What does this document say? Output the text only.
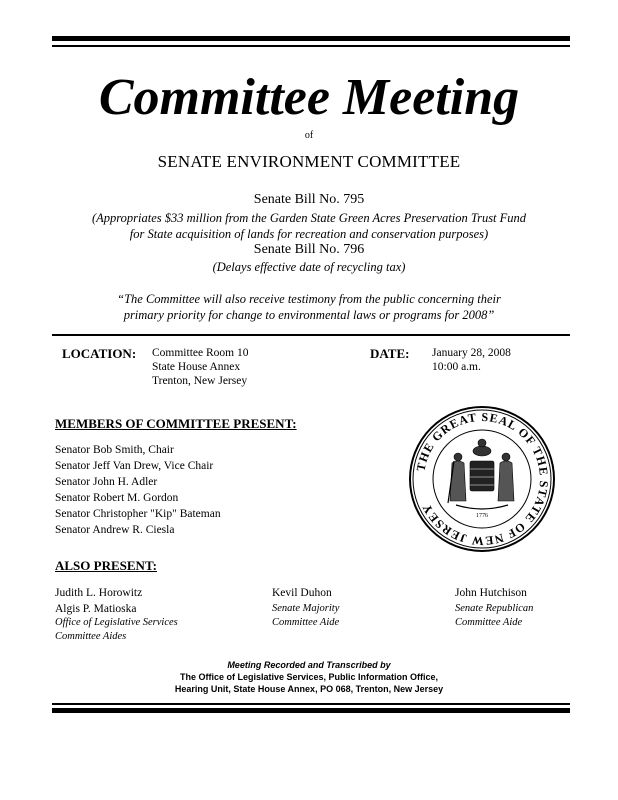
Committee Meeting
of
SENATE ENVIRONMENT COMMITTEE
Senate Bill No. 795
(Appropriates $33 million from the Garden State Green Acres Preservation Trust Fund
for State acquisition of lands for recreation and conservation purposes)
Senate Bill No. 796
(Delays effective date of recycling tax)
“The Committee will also receive testimony from the public concerning their
primary priority for change to environmental laws or programs for 2008”
LOCATION: Committee Room 10
State House Annex
Trenton, New Jersey
DATE: January 28, 2008
10:00 a.m.
MEMBERS OF COMMITTEE PRESENT:
Senator Bob Smith, Chair
Senator Jeff Van Drew, Vice Chair
Senator John H. Adler
Senator Robert M. Gordon
Senator Christopher "Kip" Bateman
Senator Andrew R. Ciesla
THE GREAT SEAL OF THE STATE OF NEW JERSEY	1776
ALSO PRESENT:
Judith L. Horowitz
Algis P. Matioska
Office of Legislative Services
Committee Aides
Kevil Duhon
Senate Majority
Committee Aide
John Hutchison
Senate Republican
Committee Aide
Meeting Recorded and Transcribed by
The Office of Legislative Services, Public Information Office,
Hearing Unit, State House Annex, PO 068, Trenton, New Jersey
